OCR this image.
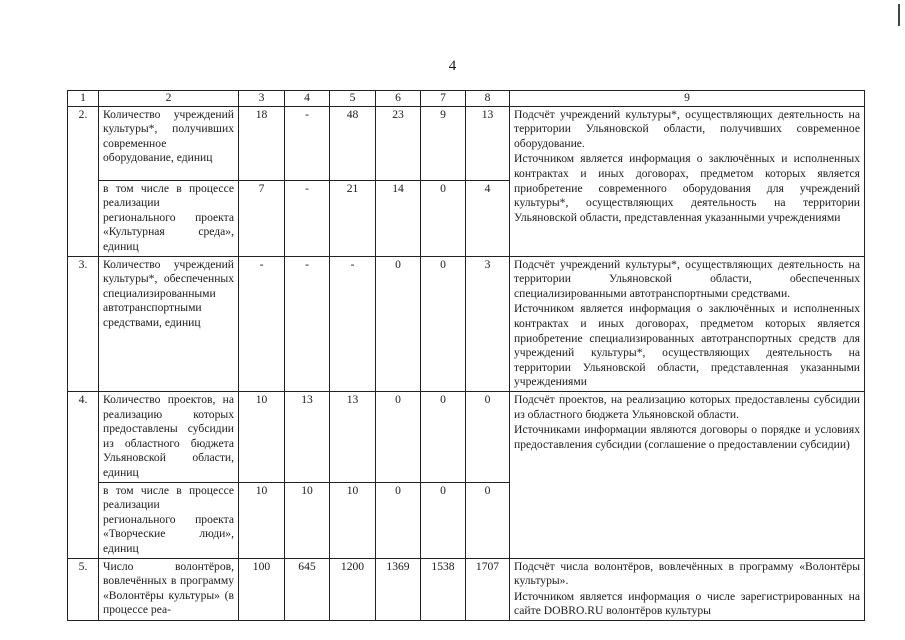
4
1	2	3	4	5	6	7	8	9
2.	Количество учреждений культуры*, получивших современное оборудование, единиц	18	-	48	23	9	13	Подсчёт учреждений культуры*, осуществляющих деятельность на территории Ульяновской области, получивших современное оборудование.

Источником является информация о заключённых и исполненных контрактах и иных договорах, предметом которых является приобретение современного оборудования для учреждений культуры*, осуществляющих деятельность на территории Ульяновской области, представленная указанными учреждениями

	в том числе в процессе реализации регионального проекта «Культурная среда», единиц	7	-	21	14	0	4	
3.	Количество учреждений культуры*, обеспеченных специализированными автотранспортными средствами, единиц	-	-	-	0	0	3	Подсчёт учреждений культуры*, осуществляющих деятельность на территории Ульяновской области, обеспеченных специализированными автотранспортными средствами.

Источником является информация о заключённых и исполненных контрактах и иных договорах, предметом которых является приобретение специализированных автотранспортных средств для учреждений культуры*, осуществляющих деятельность на территории Ульяновской области, представленная указанными учреждениями

4.	Количество проектов, на реализацию которых предоставлены субсидии из областного бюджета Ульяновской области, единиц	10	13	13	0	0	0	Подсчёт проектов, на реализацию которых предоставлены субсидии из областного бюджета Ульяновской области.

Источниками информации являются договоры о порядке и условиях предоставления субсидии (соглашение о предоставлении субсидии)

	в том числе в процессе реализации регионального проекта «Творческие люди», единиц	10	10	10	0	0	0	
5.	Число волонтёров, вовлечённых в программу «Волонтёры культуры» (в процессе реа-	100	645	1200	1369	1538	1707	Подсчёт числа волонтёров, вовлечённых в программу «Волонтёры культуры».

Источником является информация о числе зарегистрированных на сайте DOBRO.RU волонтёров культуры
